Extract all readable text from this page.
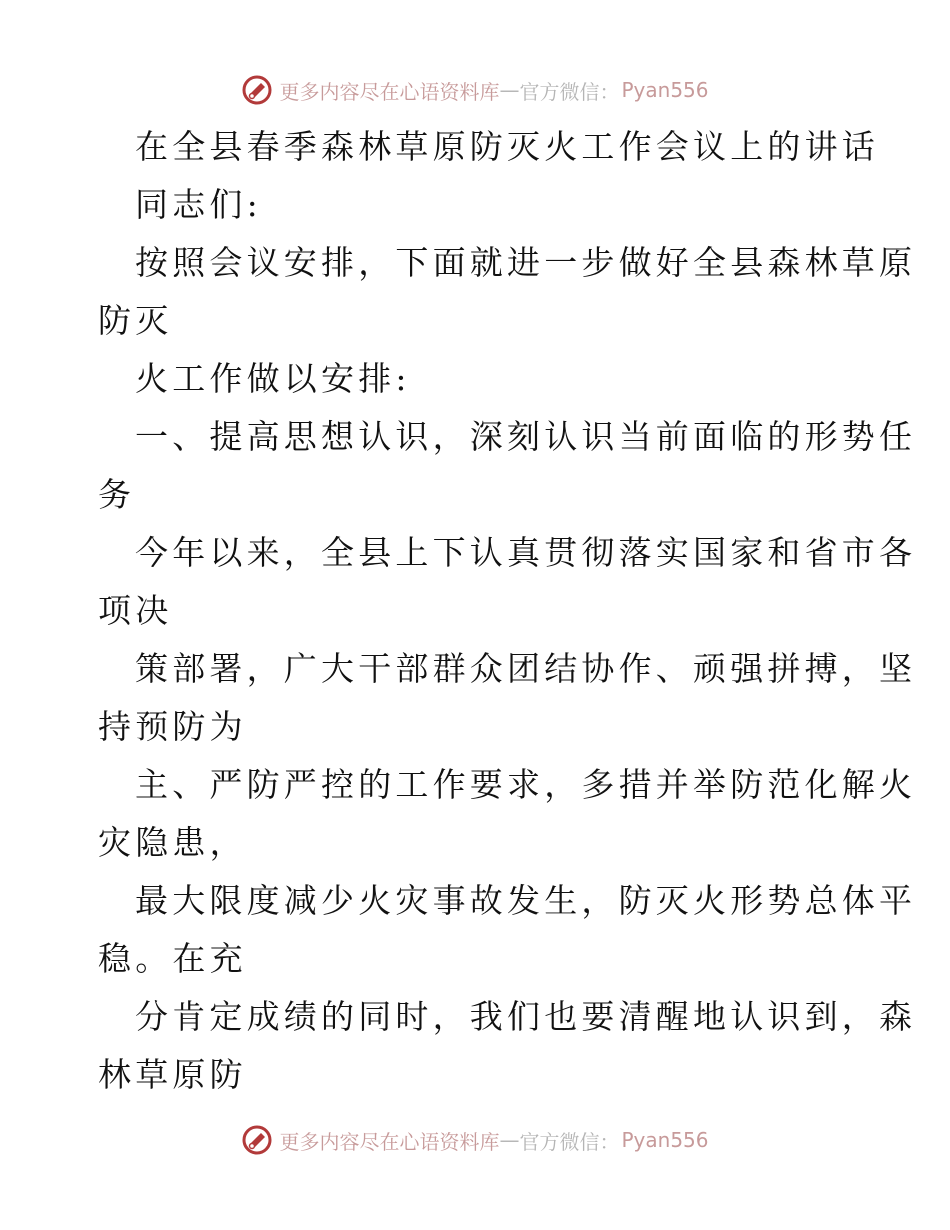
更多内容尽在心语资料库 — 官方微信： Pyan556
在全县春季森林草原防灭火工作会议上的讲话
同志们:
按照会议安排，下面就进一步做好全县森林草原
防灭
火工作做以安排:
一、提高思想认识，深刻认识当前面临的形势任
务
今年以来，全县上下认真贯彻落实国家和省市各
项决
策部署，广大干部群众团结协作、顽强拼搏，坚
持预防为
主、严防严控的工作要求，多措并举防范化解火
灾隐患，
最大限度减少火灾事故发生，防灭火形势总体平
稳。在充
分肯定成绩的同时，我们也要清醒地认识到，森
林草原防
更多内容尽在心语资料库 — 官方微信： Pyan556
